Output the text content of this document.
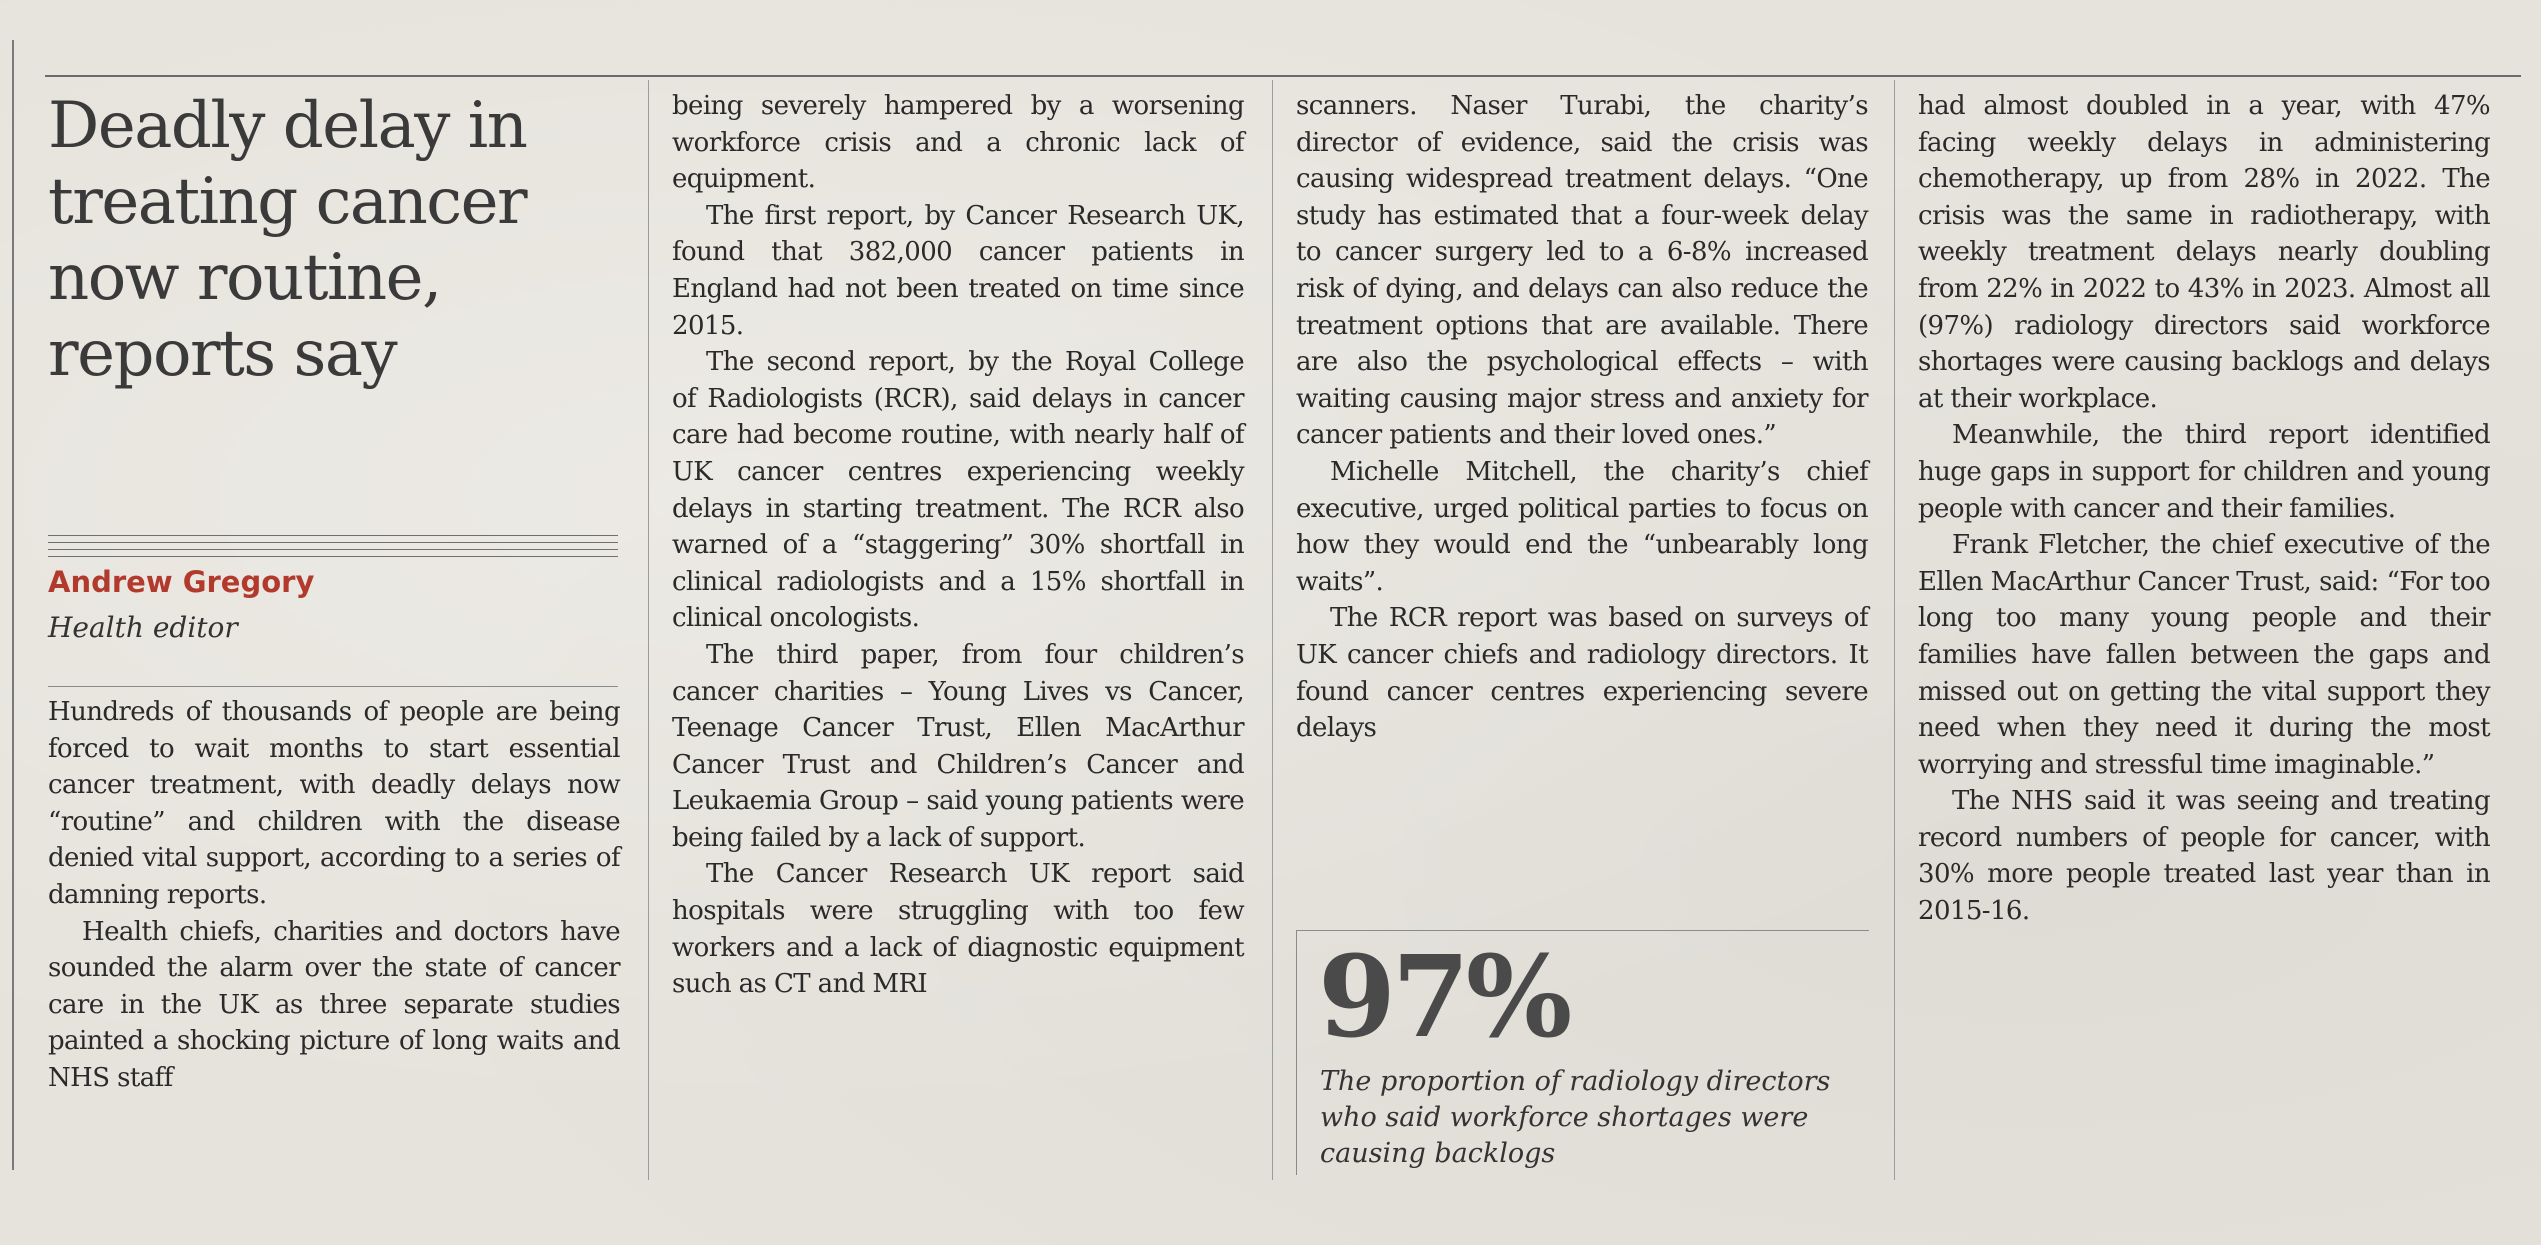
Deadly delay in treating cancer now routine, reports say
Andrew Gregory
Health editor

Hundreds of thousands of people are being forced to wait months to start essential cancer treatment, with deadly delays now “routine” and children with the disease denied vital support, according to a series of damning reports.

Health chiefs, charities and doctors have sounded the alarm over the state of cancer care in the UK as three separate studies painted a shocking picture of long waits and NHS staff

being severely hampered by a worsening workforce crisis and a chronic lack of equipment.

The first report, by Cancer Research UK, found that 382,000 cancer patients in England had not been treated on time since 2015.

The second report, by the Royal College of Radiologists (RCR), said delays in cancer care had become routine, with nearly half of UK cancer centres experiencing weekly delays in starting treatment. The RCR also warned of a “staggering” 30% shortfall in clinical radiologists and a 15% shortfall in clinical oncologists.

The third paper, from four children’s cancer charities – Young Lives vs Cancer, Teenage Cancer Trust, Ellen MacArthur Cancer Trust and Children’s Cancer and Leukaemia Group – said young patients were being failed by a lack of support.

The Cancer Research UK report said hospitals were struggling with too few workers and a lack of diagnostic equipment such as CT and MRI

scanners. Naser Turabi, the charity’s director of evidence, said the crisis was causing widespread treatment delays. “One study has estimated that a four-week delay to cancer surgery led to a 6-8% increased risk of dying, and delays can also reduce the treatment options that are available. There are also the psychological effects – with waiting causing major stress and anxiety for cancer patients and their loved ones.”

Michelle Mitchell, the charity’s chief executive, urged political parties to focus on how they would end the “unbearably long waits”.

The RCR report was based on surveys of UK cancer chiefs and radiology directors. It found cancer centres experiencing severe delays

97%
The proportion of radiology directors who said workforce shortages were causing backlogs

had almost doubled in a year, with 47% facing weekly delays in administering chemotherapy, up from 28% in 2022. The crisis was the same in radiotherapy, with weekly treatment delays nearly doubling from 22% in 2022 to 43% in 2023. Almost all (97%) radiology directors said workforce shortages were causing backlogs and delays at their workplace.

Meanwhile, the third report identified huge gaps in support for children and young people with cancer and their families.

Frank Fletcher, the chief executive of the Ellen MacArthur Cancer Trust, said: “For too long too many young people and their families have fallen between the gaps and missed out on getting the vital support they need when they need it during the most worrying and stressful time imaginable.”

The NHS said it was seeing and treating record numbers of people for cancer, with 30% more people treated last year than in 2015-16.
